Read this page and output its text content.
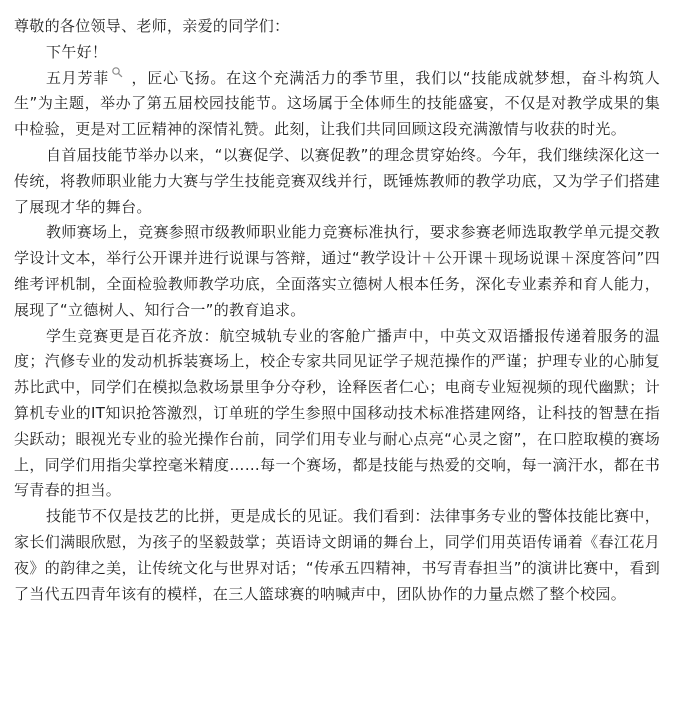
尊敬的各位领导、老师，亲爱的同学们：

下午好！

五月芳菲 ，匠心飞扬。在这个充满活力的季节里，我们以“技能成就梦想，奋斗构筑人生”为主题，举办了第五届校园技能节。这场属于全体师生的技能盛宴，不仅是对教学成果的集中检验，更是对工匠精神的深情礼赞。此刻，让我们共同回顾这段充满激情与收获的时光。

自首届技能节举办以来，“以赛促学、以赛促教”的理念贯穿始终。今年，我们继续深化这一传统，将教师职业能力大赛与学生技能竞赛双线并行，既锤炼教师的教学功底，又为学子们搭建了展现才华的舞台。

教师赛场上，竞赛参照市级教师职业能力竞赛标准执行，要求参赛老师选取教学单元提交教学设计文本，举行公开课并进行说课与答辩，通过“教学设计＋公开课＋现场说课＋深度答问”四维考评机制，全面检验教师教学功底，全面落实立德树人根本任务，深化专业素养和育人能力，展现了“立德树人、知行合一”的教育追求。

学生竞赛更是百花齐放：航空城轨专业的客舱广播声中，中英文双语播报传递着服务的温度；汽修专业的发动机拆装赛场上，校企专家共同见证学子规范操作的严谨；护理专业的心肺复苏比武中，同学们在模拟急救场景里争分夺秒，诠释医者仁心；电商专业短视频的现代幽默；计算机专业的IT知识抢答激烈，订单班的学生参照中国移动技术标准搭建网络，让科技的智慧在指尖跃动；眼视光专业的验光操作台前，同学们用专业与耐心点亮“心灵之窗”，在口腔取模的赛场上，同学们用指尖掌控毫米精度……每一个赛场，都是技能与热爱的交响，每一滴汗水，都在书写青春的担当。

技能节不仅是技艺的比拼，更是成长的见证。我们看到：法律事务专业的警体技能比赛中，家长们满眼欣慰，为孩子的坚毅鼓掌；英语诗文朗诵的舞台上，同学们用英语传诵着《春江花月夜》的韵律之美，让传统文化与世界对话；“传承五四精神，书写青春担当”的演讲比赛中，看到了当代五四青年该有的模样，在三人篮球赛的呐喊声中，团队协作的力量点燃了整个校园。
